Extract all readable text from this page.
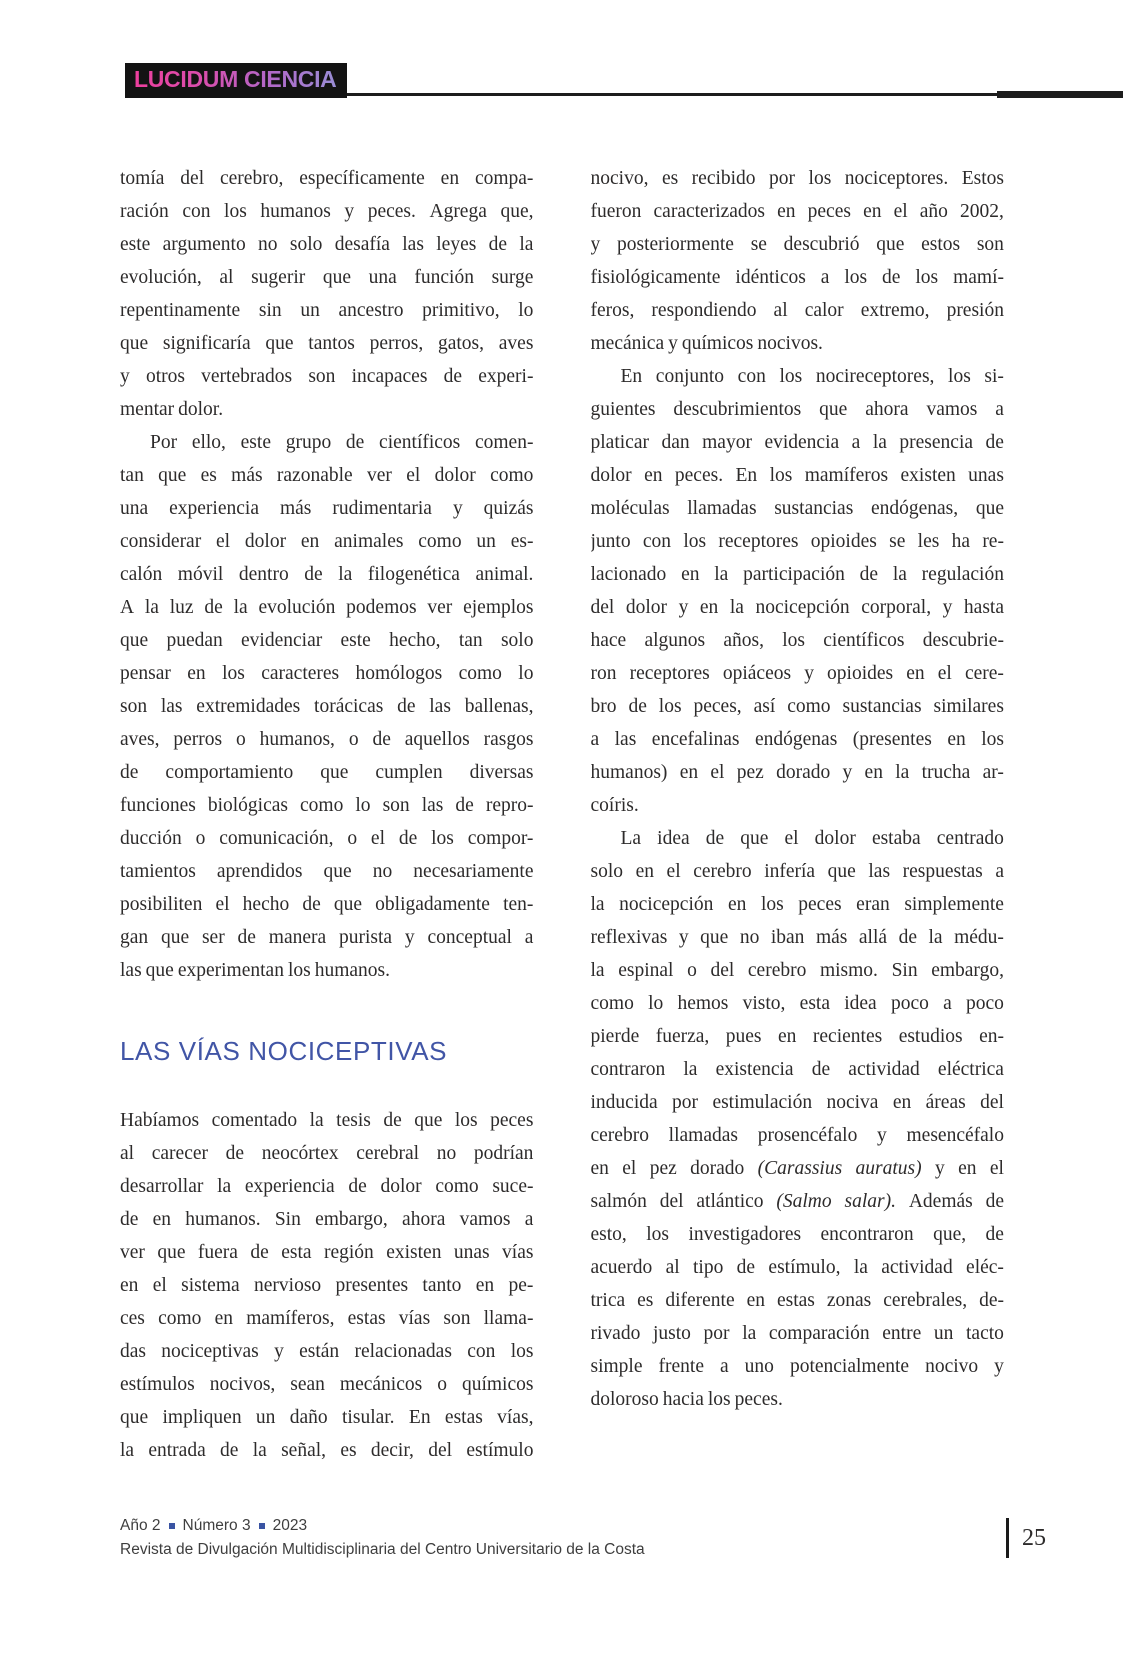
LUCIDUM CIENCIA
tomía del cerebro, específicamente en compa-
ración con los humanos y peces. Agrega que,
este argumento no solo desafía las leyes de la
evolución, al sugerir que una función surge
repentinamente sin un ancestro primitivo, lo
que significaría que tantos perros, gatos, aves
y otros vertebrados son incapaces de experi-
mentar dolor.
Por ello, este grupo de científicos comen-
tan que es más razonable ver el dolor como
una experiencia más rudimentaria y quizás
considerar el dolor en animales como un es-
calón móvil dentro de la filogenética animal.
A la luz de la evolución podemos ver ejemplos
que puedan evidenciar este hecho, tan solo
pensar en los caracteres homólogos como lo
son las extremidades torácicas de las ballenas,
aves, perros o humanos, o de aquellos rasgos
de comportamiento que cumplen diversas
funciones biológicas como lo son las de repro-
ducción o comunicación, o el de los compor-
tamientos aprendidos que no necesariamente
posibiliten el hecho de que obligadamente ten-
gan que ser de manera purista y conceptual a
las que experimentan los humanos.
LAS VÍAS NOCICEPTIVAS
Habíamos comentado la tesis de que los peces
al carecer de neocórtex cerebral no podrían
desarrollar la experiencia de dolor como suce-
de en humanos. Sin embargo, ahora vamos a
ver que fuera de esta región existen unas vías
en el sistema nervioso presentes tanto en pe-
ces como en mamíferos, estas vías son llama-
das nociceptivas y están relacionadas con los
estímulos nocivos, sean mecánicos o químicos
que impliquen un daño tisular. En estas vías,
la entrada de la señal, es decir, del estímulo
nocivo, es recibido por los nociceptores. Estos
fueron caracterizados en peces en el año 2002,
y posteriormente se descubrió que estos son
fisiológicamente idénticos a los de los mamí-
feros, respondiendo al calor extremo, presión
mecánica y químicos nocivos.
En conjunto con los nocireceptores, los si-
guientes descubrimientos que ahora vamos a
platicar dan mayor evidencia a la presencia de
dolor en peces. En los mamíferos existen unas
moléculas llamadas sustancias endógenas, que
junto con los receptores opioides se les ha re-
lacionado en la participación de la regulación
del dolor y en la nocicepción corporal, y hasta
hace algunos años, los científicos descubrie-
ron receptores opiáceos y opioides en el cere-
bro de los peces, así como sustancias similares
a las encefalinas endógenas (presentes en los
humanos) en el pez dorado y en la trucha ar-
coíris.
La idea de que el dolor estaba centrado
solo en el cerebro infería que las respuestas a
la nocicepción en los peces eran simplemente
reflexivas y que no iban más allá de la médu-
la espinal o del cerebro mismo. Sin embargo,
como lo hemos visto, esta idea poco a poco
pierde fuerza, pues en recientes estudios en-
contraron la existencia de actividad eléctrica
inducida por estimulación nociva en áreas del
cerebro llamadas prosencéfalo y mesencéfalo
en el pez dorado (Carassius auratus) y en el
salmón del atlántico (Salmo salar). Además de
esto, los investigadores encontraron que, de
acuerdo al tipo de estímulo, la actividad eléc-
trica es diferente en estas zonas cerebrales, de-
rivado justo por la comparación entre un tacto
simple frente a uno potencialmente nocivo y
doloroso hacia los peces.
Año 2 Número 3 2023
Revista de Divulgación Multidisciplinaria del Centro Universitario de la Costa	25
